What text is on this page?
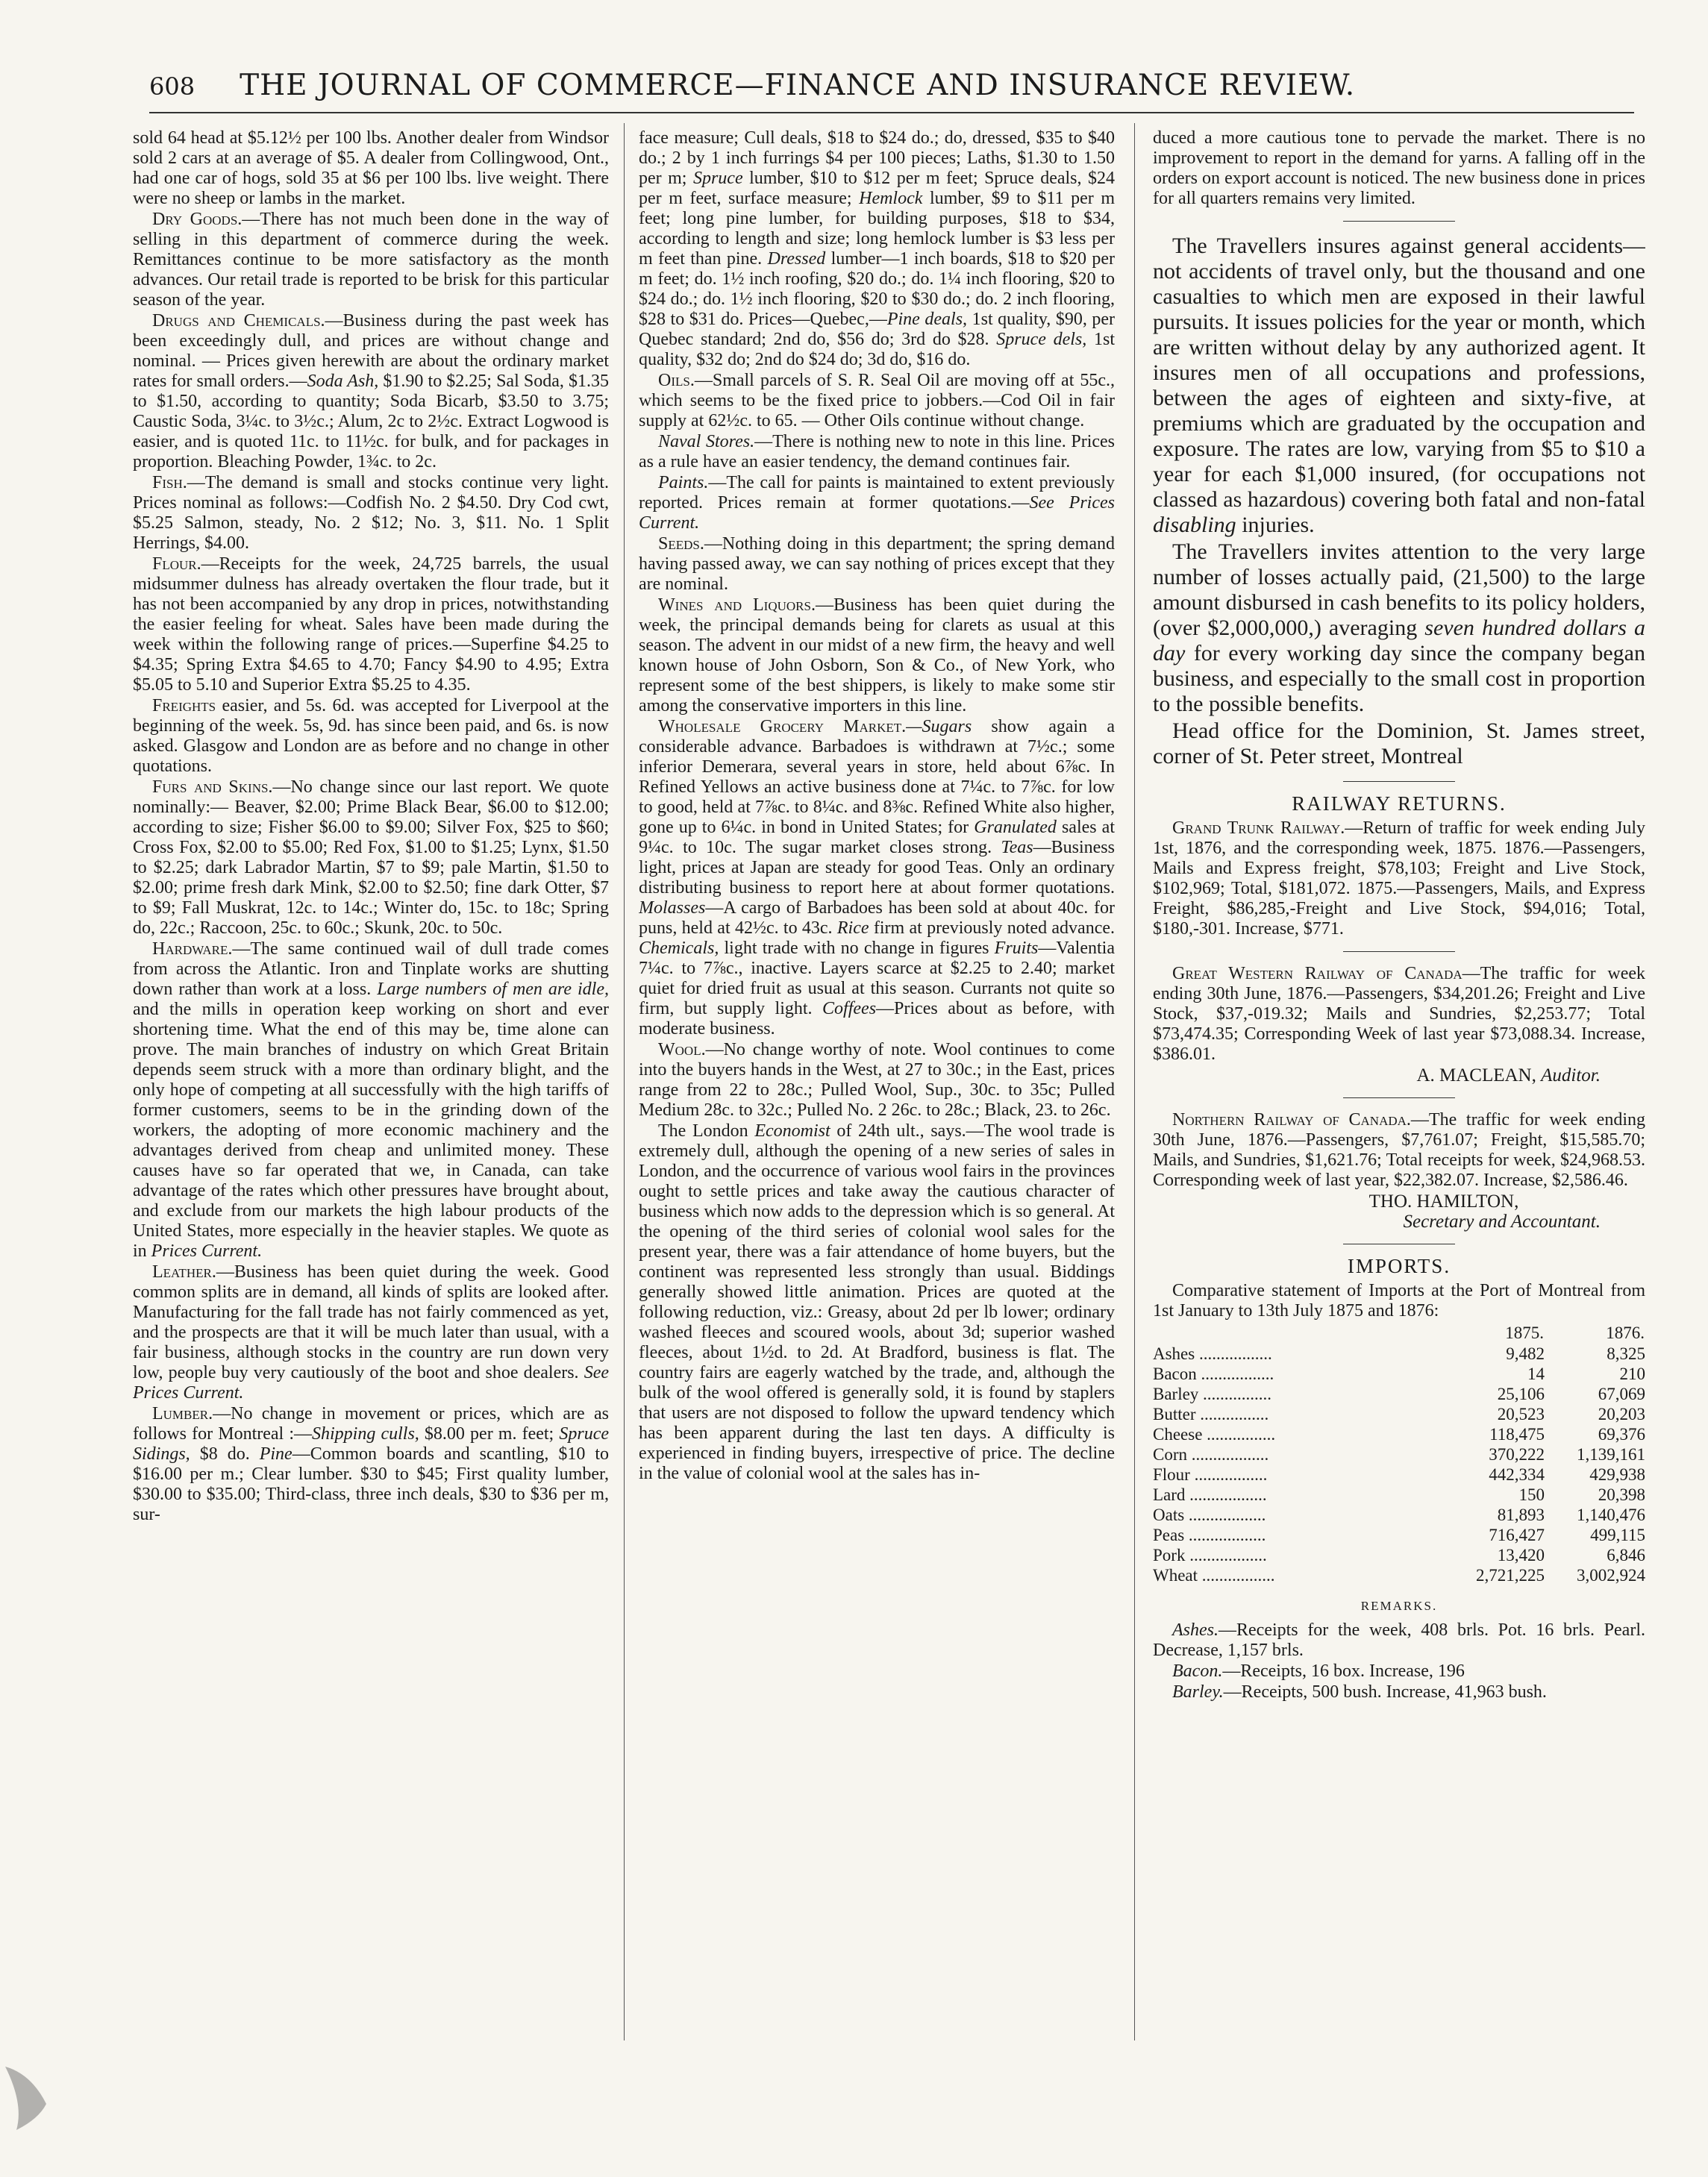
608 THE JOURNAL OF COMMERCE—FINANCE AND INSURANCE REVIEW.

sold 64 head at $5.12½ per 100 lbs. Another dealer from Windsor sold 2 cars at an average of $5. A dealer from Collingwood, Ont., had one car of hogs, sold 35 at $6 per 100 lbs. live weight. There were no sheep or lambs in the market.

Dry Goods.—There has not much been done in the way of selling in this department of commerce during the week. Remittances continue to be more satisfactory as the month advances. Our retail trade is reported to be brisk for this particular season of the year.

Drugs and Chemicals.—Business during the past week has been exceedingly dull, and prices are without change and nominal. — Prices given herewith are about the ordinary market rates for small orders.—Soda Ash, $1.90 to $2.25; Sal Soda, $1.35 to $1.50, according to quantity; Soda Bicarb, $3.50 to 3.75; Caustic Soda, 3¼c. to 3½c.; Alum, 2c to 2½c. Extract Logwood is easier, and is quoted 11c. to 11½c. for bulk, and for packages in proportion. Bleaching Powder, 1¾c. to 2c.

Fish.—The demand is small and stocks continue very light. Prices nominal as follows:—Codfish No. 2 $4.50. Dry Cod cwt, $5.25 Salmon, steady, No. 2 $12; No. 3, $11. No. 1 Split Herrings, $4.00.

Flour.—Receipts for the week, 24,725 barrels, the usual midsummer dulness has already overtaken the flour trade, but it has not been accompanied by any drop in prices, notwithstanding the easier feeling for wheat. Sales have been made during the week within the following range of prices.—Superfine $4.25 to $4.35; Spring Extra $4.65 to 4.70; Fancy $4.90 to 4.95; Extra $5.05 to 5.10 and Superior Extra $5.25 to 4.35.

Freights easier, and 5s. 6d. was accepted for Liverpool at the beginning of the week. 5s, 9d. has since been paid, and 6s. is now asked. Glasgow and London are as before and no change in other quotations.

Furs and Skins.—No change since our last report. We quote nominally:— Beaver, $2.00; Prime Black Bear, $6.00 to $12.00; according to size; Fisher $6.00 to $9.00; Silver Fox, $25 to $60; Cross Fox, $2.00 to $5.00; Red Fox, $1.00 to $1.25; Lynx, $1.50 to $2.25; dark Labrador Martin, $7 to $9; pale Martin, $1.50 to $2.00; prime fresh dark Mink, $2.00 to $2.50; fine dark Otter, $7 to $9; Fall Muskrat, 12c. to 14c.; Winter do, 15c. to 18c; Spring do, 22c.; Raccoon, 25c. to 60c.; Skunk, 20c. to 50c.

Hardware.—The same continued wail of dull trade comes from across the Atlantic. Iron and Tinplate works are shutting down rather than work at a loss. Large numbers of men are idle, and the mills in operation keep working on short and ever shortening time. What the end of this may be, time alone can prove. The main branches of industry on which Great Britain depends seem struck with a more than ordinary blight, and the only hope of competing at all successfully with the high tariffs of former customers, seems to be in the grinding down of the workers, the adopting of more economic machinery and the advantages derived from cheap and unlimited money. These causes have so far operated that we, in Canada, can take advantage of the rates which other pressures have brought about, and exclude from our markets the high labour products of the United States, more especially in the heavier staples. We quote as in Prices Current.

Leather.—Business has been quiet during the week. Good common splits are in demand, all kinds of splits are looked after. Manufacturing for the fall trade has not fairly commenced as yet, and the prospects are that it will be much later than usual, with a fair business, although stocks in the country are run down very low, people buy very cautiously of the boot and shoe dealers. See Prices Current.

Lumber.—No change in movement or prices, which are as follows for Montreal :—Shipping culls, $8.00 per m. feet; Spruce Sidings, $8 do. Pine—Common boards and scantling, $10 to $16.00 per m.; Clear lumber. $30 to $45; First quality lumber, $30.00 to $35.00; Third-class, three inch deals, $30 to $36 per m, sur-

face measure; Cull deals, $18 to $24 do.; do, dressed, $35 to $40 do.; 2 by 1 inch furrings $4 per 100 pieces; Laths, $1.30 to 1.50 per m; Spruce lumber, $10 to $12 per m feet; Spruce deals, $24 per m feet, surface measure; Hemlock lumber, $9 to $11 per m feet; long pine lumber, for building purposes, $18 to $34, according to length and size; long hemlock lumber is $3 less per m feet than pine. Dressed lumber—1 inch boards, $18 to $20 per m feet; do. 1½ inch roofing, $20 do.; do. 1¼ inch flooring, $20 to $24 do.; do. 1½ inch flooring, $20 to $30 do.; do. 2 inch flooring, $28 to $31 do. Prices—Quebec,—Pine deals, 1st quality, $90, per Quebec standard; 2nd do, $56 do; 3rd do $28. Spruce dels, 1st quality, $32 do; 2nd do $24 do; 3d do, $16 do.

Oils.—Small parcels of S. R. Seal Oil are moving off at 55c., which seems to be the fixed price to jobbers.—Cod Oil in fair supply at 62½c. to 65. — Other Oils continue without change.

Naval Stores.—There is nothing new to note in this line. Prices as a rule have an easier tendency, the demand continues fair.

Paints.—The call for paints is maintained to extent previously reported. Prices remain at former quotations.—See Prices Current.

Seeds.—Nothing doing in this department; the spring demand having passed away, we can say nothing of prices except that they are nominal.

Wines and Liquors.—Business has been quiet during the week, the principal demands being for clarets as usual at this season. The advent in our midst of a new firm, the heavy and well known house of John Osborn, Son & Co., of New York, who represent some of the best shippers, is likely to make some stir among the conservative importers in this line.

Wholesale Grocery Market.—Sugars show again a considerable advance. Barbadoes is withdrawn at 7½c.; some inferior Demerara, several years in store, held about 6⅞c. In Refined Yellows an active business done at 7¼c. to 7⅞c. for low to good, held at 7⅞c. to 8¼c. and 8⅜c. Refined White also higher, gone up to 6¼c. in bond in United States; for Granulated sales at 9¼c. to 10c. The sugar market closes strong. Teas—Business light, prices at Japan are steady for good Teas. Only an ordinary distributing business to report here at about former quotations. Molasses—A cargo of Barbadoes has been sold at about 40c. for puns, held at 42½c. to 43c. Rice firm at previously noted advance. Chemicals, light trade with no change in figures Fruits—Valentia 7¼c. to 7⅞c., inactive. Layers scarce at $2.25 to 2.40; market quiet for dried fruit as usual at this season. Currants not quite so firm, but supply light. Coffees—Prices about as before, with moderate business.

Wool.—No change worthy of note. Wool continues to come into the buyers hands in the West, at 27 to 30c.; in the East, prices range from 22 to 28c.; Pulled Wool, Sup., 30c. to 35c; Pulled Medium 28c. to 32c.; Pulled No. 2 26c. to 28c.; Black, 23. to 26c.

The London Economist of 24th ult., says.—The wool trade is extremely dull, although the opening of a new series of sales in London, and the occurrence of various wool fairs in the provinces ought to settle prices and take away the cautious character of business which now adds to the depression which is so general. At the opening of the third series of colonial wool sales for the present year, there was a fair attendance of home buyers, but the continent was represented less strongly than usual. Biddings generally showed little animation. Prices are quoted at the following reduction, viz.: Greasy, about 2d per lb lower; ordinary washed fleeces and scoured wools, about 3d; superior washed fleeces, about 1½d. to 2d. At Bradford, business is flat. The country fairs are eagerly watched by the trade, and, although the bulk of the wool offered is generally sold, it is found by staplers that users are not disposed to follow the upward tendency which has been apparent during the last ten days. A difficulty is experienced in finding buyers, irrespective of price. The decline in the value of colonial wool at the sales has in-

duced a more cautious tone to pervade the market. There is no improvement to report in the demand for yarns. A falling off in the orders on export account is noticed. The new business done in prices for all quarters remains very limited.

The Travellers insures against general accidents—not accidents of travel only, but the thousand and one casualties to which men are exposed in their lawful pursuits. It issues policies for the year or month, which are written without delay by any authorized agent. It insures men of all occupations and professions, between the ages of eighteen and sixty-five, at premiums which are graduated by the occupation and exposure. The rates are low, varying from $5 to $10 a year for each $1,000 insured, (for occupations not classed as hazardous) covering both fatal and non-fatal disabling injuries.

The Travellers invites attention to the very large number of losses actually paid, (21,500) to the large amount disbursed in cash benefits to its policy holders, (over $2,000,000,) averaging seven hundred dollars a day for every working day since the company began business, and especially to the small cost in proportion to the possible benefits.

Head office for the Dominion, St. James street, corner of St. Peter street, Montreal

RAILWAY RETURNS.

Grand Trunk Railway.—Return of traffic for week ending July 1st, 1876, and the corresponding week, 1875. 1876.—Passengers, Mails and Express freight, $78,103; Freight and Live Stock, $102,969; Total, $181,072. 1875.—Passengers, Mails, and Express Freight, $86,285,-Freight and Live Stock, $94,016; Total, $180,-301. Increase, $771.

Great Western Railway of Canada—The traffic for week ending 30th June, 1876.—Passengers, $34,201.26; Freight and Live Stock, $37,-019.32; Mails and Sundries, $2,253.77; Total $73,474.35; Corresponding Week of last year $73,088.34. Increase, $386.01.

A. MACLEAN, Auditor.

Northern Railway of Canada.—The traffic for week ending 30th June, 1876.—Passengers, $7,761.07; Freight, $15,585.70; Mails, and Sundries, $1,621.76; Total receipts for week, $24,968.53. Corresponding week of last year, $22,382.07. Increase, $2,586.46.

THO. HAMILTON,
Secretary and Accountant.
IMPORTS.

Comparative statement of Imports at the Port of Montreal from 1st January to 13th July 1875 and 1876:

	1875.	1876.
Ashes .................	9,482	8,325
Bacon .................	14	210
Barley ................	25,106	67,069
Butter ................	20,523	20,203
Cheese ................	118,475	69,376
Corn ..................	370,222	1,139,161
Flour .................	442,334	429,938
Lard ..................	150	20,398
Oats ..................	81,893	1,140,476
Peas ..................	716,427	499,115
Pork ..................	13,420	6,846
Wheat .................	2,721,225	3,002,924
REMARKS.

Ashes.—Receipts for the week, 408 brls. Pot. 16 brls. Pearl. Decrease, 1,157 brls.

Bacon.—Receipts, 16 box. Increase, 196

Barley.—Receipts, 500 bush. Increase, 41,963 bush.
